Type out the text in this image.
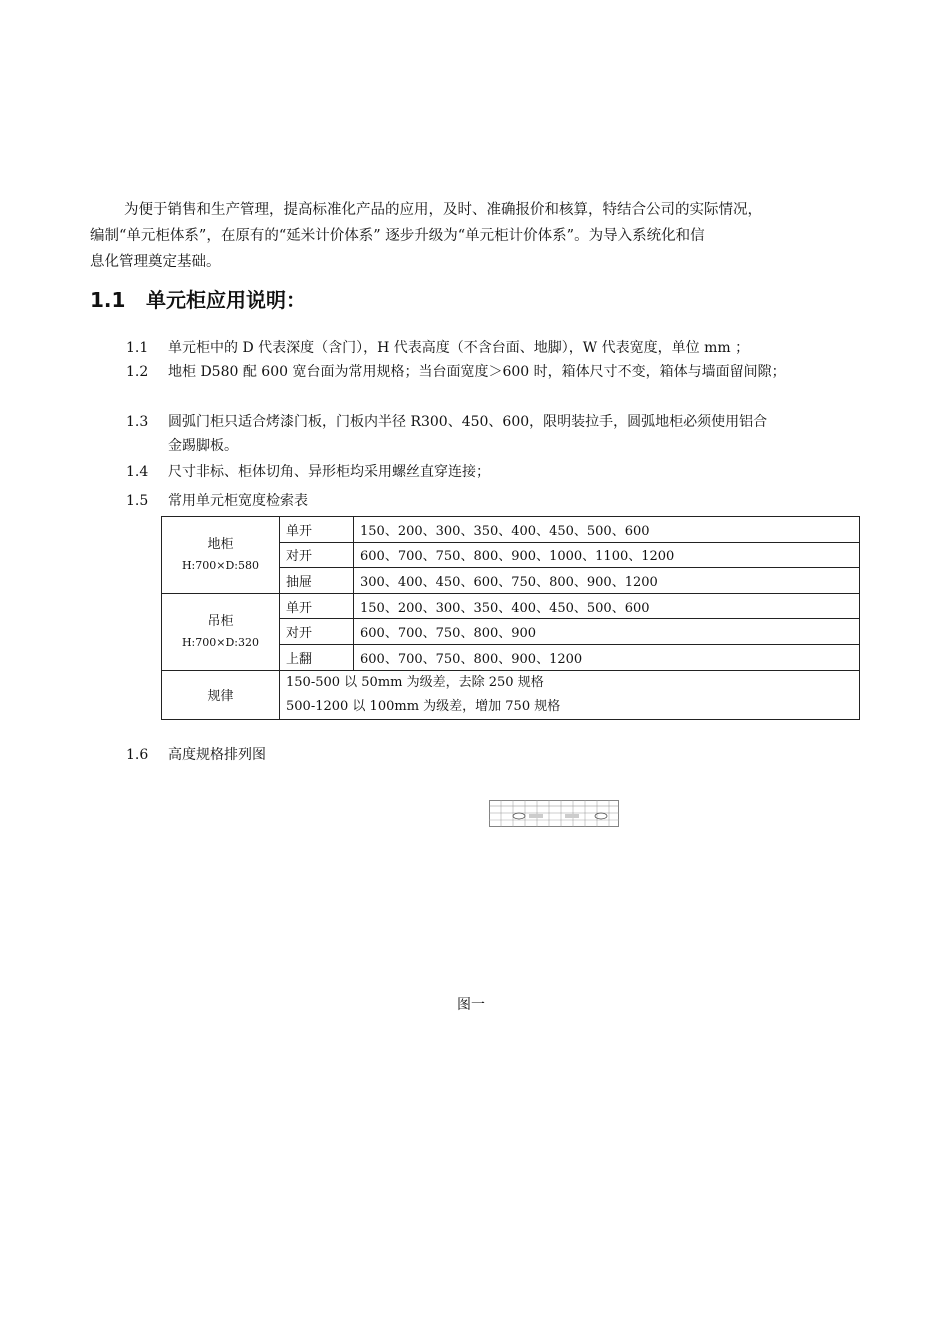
为便于销售和生产管理，提高标准化产品的应用，及时、准确报价和核算，特结合公司的实际情况，

编制“单元柜体系”，在原有的“延米计价体系” 逐步升级为“单元柜计价体系”。为导入系统化和信

息化管理奠定基础。

1.1 单元柜应用说明：
1.1	单元柜中的 D 代表深度（含门），H 代表高度（不含台面、地脚），W 代表宽度，单位 mm ；
1.2	地柜 D580 配 600 宽台面为常用规格；当台面宽度＞600 时，箱体尺寸不变，箱体与墙面留间隙；
1.3	圆弧门柜只适合烤漆门板，门板内半径 R300、450、600，限明装拉手，圆弧地柜必须使用铝合
金踢脚板。
1.4	尺寸非标、柜体切角、异形柜均采用螺丝直穿连接；
1.5	常用单元柜宽度检索表
地柜
H:700×D:580	单开	150、200、300、350、400、450、500、600
	对开	600、700、750、800、900、1000、1100、1200
	抽屉	300、400、450、600、750、800、900、1200

吊柜
H:700×D:320	单开	150、200、300、350、400、450、500、600
	对开	600、700、750、800、900
	上翻	600、700、750、800、900、1200
规律	150-500 以 50mm 为级差，去除 250 规格
500-1200 以 100mm 为级差，增加 750 规格	
1.6	高度规格排列图
图一
